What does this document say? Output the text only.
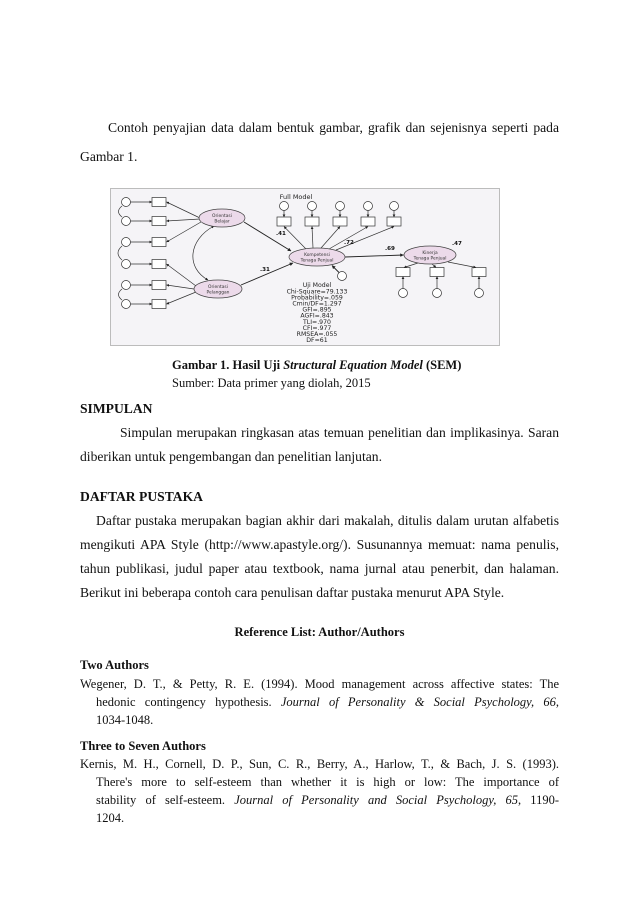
Contoh penyajian data dalam bentuk gambar, grafik dan sejenisnya seperti pada
Gambar 1.
Full Model
Orientasi
Belajar
Orientasi
Pelanggan
Kompetensi
Tenaga Penjual
Kinerja
Tenaga Penjual
.41
.31
.72
.69
.47
Uji Model
Chi-Square=79.133
Probability=.059
Cmin/DF=1.297
GFI=.895
AGFI=.843
TLI=.970
CFI=.977
RMSEA=.055
DF=61
Gambar 1. Hasil Uji Structural Equation Model (SEM)
Sumber: Data primer yang diolah, 2015
SIMPULAN
Simpulan merupakan ringkasan atas temuan penelitian dan implikasinya. Saran
diberikan untuk pengembangan dan penelitian lanjutan.
DAFTAR PUSTAKA
Daftar pustaka merupakan bagian akhir dari makalah, ditulis dalam urutan alfabetis
mengikuti APA Style (http://www.apastyle.org/). Susunannya memuat: nama penulis,
tahun publikasi, judul paper atau textbook, nama jurnal atau penerbit, dan halaman.
Berikut ini beberapa contoh cara penulisan daftar pustaka menurut APA Style.
Reference List: Author/Authors
Two Authors
Wegener, D. T., & Petty, R. E. (1994). Mood management across affective states: The
hedonic contingency hypothesis. Journal of Personality & Social Psychology, 66,
1034-1048.
Three to Seven Authors
Kernis, M. H., Cornell, D. P., Sun, C. R., Berry, A., Harlow, T., & Bach, J. S. (1993).
There's more to self-esteem than whether it is high or low: The importance of
stability of self-esteem. Journal of Personality and Social Psychology, 65, 1190-
1204.
